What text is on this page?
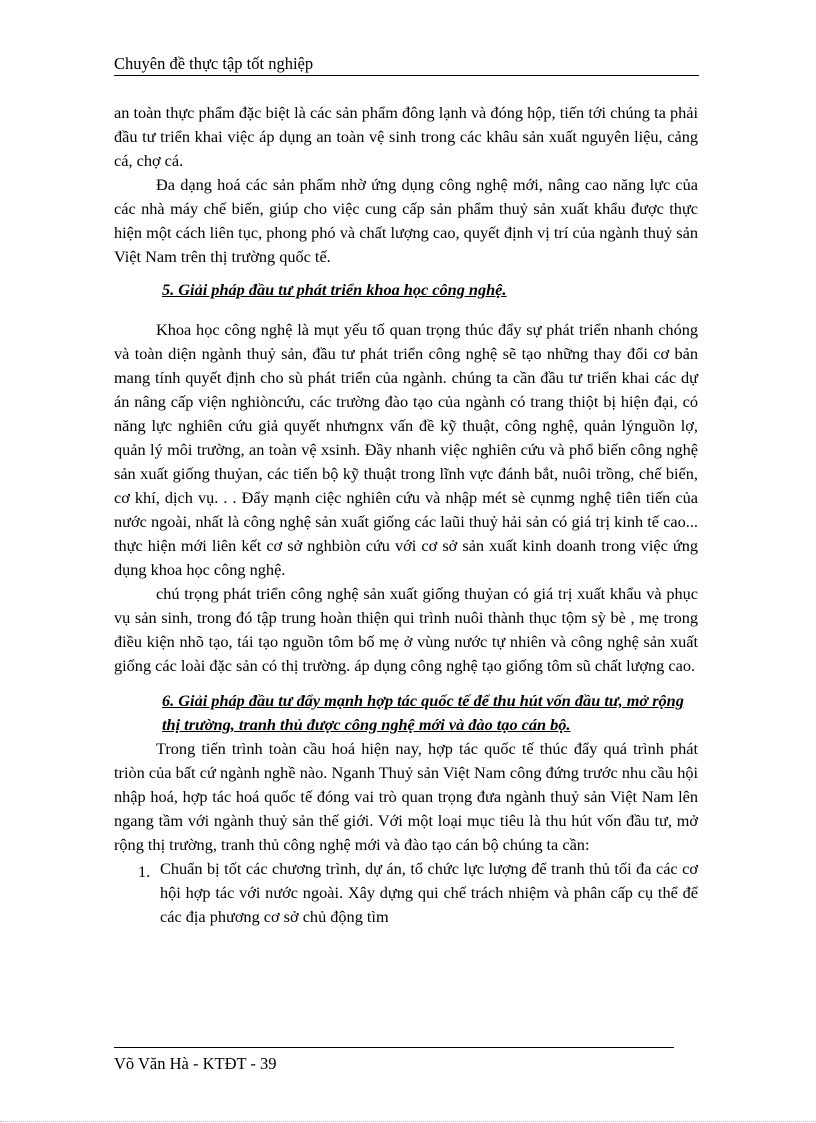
Chuyên đề thực tập tốt nghiệp

an toàn thực phẩm đặc biệt là các sản phẩm đông lạnh và đóng hộp, tiến tới chúng ta phải đầu tư triển khai việc áp dụng an toàn vệ sinh trong các khâu sản xuất nguyên liệu, cảng cá, chợ cá.

Đa dạng hoá các sản phẩm nhờ ứng dụng công nghệ mới, nâng cao năng lực của các nhà máy chế biến, giúp cho việc cung cấp sản phẩm thuỷ sản xuất khẩu được thực hiện một cách liên tục, phong phó và chất lượng cao, quyết định vị trí của ngành thuỷ sản Việt Nam trên thị trường quốc tế.

5. Giải pháp đầu tư phát triển khoa học công nghệ.

Khoa học công nghệ là mụt yếu tố quan trọng thúc đẩy sự phát triển nhanh chóng và toàn diện ngành thuỷ sản, đầu tư phát triển công nghệ sẽ tạo những thay đổi cơ bản mang tính quyết định cho sù phát triển của ngành. chúng ta cần đầu tư triển khai các dự án nâng cấp viện nghiòncứu, các trường đào tạo của ngành có trang thiột bị hiện đại, có năng lực nghiên cứu giả quyết nhưngnx vấn đề kỹ thuật, công nghệ, quản lýnguồn lợ, quản lý môi trường, an toàn vệ xsinh. Đầy nhanh việc nghiên cứu và phổ biến công nghệ sản xuất giống thuỷan, các tiến bộ kỹ thuật trong lĩnh vực đánh bắt, nuôi trồng, chế biến, cơ khí, dịch vụ. . . Đẩy mạnh ciệc nghiên cứu và nhập mét sè cụnmg nghệ tiên tiến của nước ngoài, nhất là công nghệ sản xuất giống các laũi thuỷ hải sản có giá trị kinh tế cao... thực hiện mới liên kết cơ sở nghbiòn cứu với cơ sở sản xuất kinh doanh trong việc ứng dụng khoa học công nghệ.

chú trọng phát triển công nghệ sản xuất giống thuỷan có giá trị xuất khẩu và phục vụ sản sinh, trong đó tập trung hoàn thiện qui trình nuôi thành thục tộm sỳ bè , mẹ trong điều kiện nhõ tạo, tái tạo nguồn tôm bố mẹ ở vùng nước tự nhiên và công nghệ sản xuất giống các loài đặc sản có thị trường. áp dụng công nghệ tạo giống tôm sũ chất lượng cao.

6. Giải pháp đầu tư đẩy mạnh hợp tác quốc tế để thu hút vốn đầu tư, mở rộng thị trường, tranh thủ được công nghệ mới và đào tạo cán bộ.

Trong tiến trình toàn cầu hoá hiện nay, hợp tác quốc tế thúc đẩy quá trình phát triòn của bất cứ ngành nghề nào. Nganh Thuỷ sản Việt Nam công đứng trước nhu cầu hội nhập hoá, hợp tác hoá quốc tế đóng vai trò quan trọng đưa ngành thuỷ sản Việt Nam lên ngang tầm với ngành thuỷ sản thế giới. Với một loại mục tiêu là thu hút vốn đầu tư, mở rộng thị trường, tranh thủ công nghệ mới và đào tạo cán bộ chúng ta cần:

1. Chuẩn bị tốt các chương trình, dự án, tổ chức lực lượng để tranh thủ tối đa các cơ hội hợp tác với nước ngoài. Xây dựng qui chế trách nhiệm và phân cấp cụ thể để các địa phương cơ sở chủ động tìm
Võ Văn Hà - KTĐT - 39
